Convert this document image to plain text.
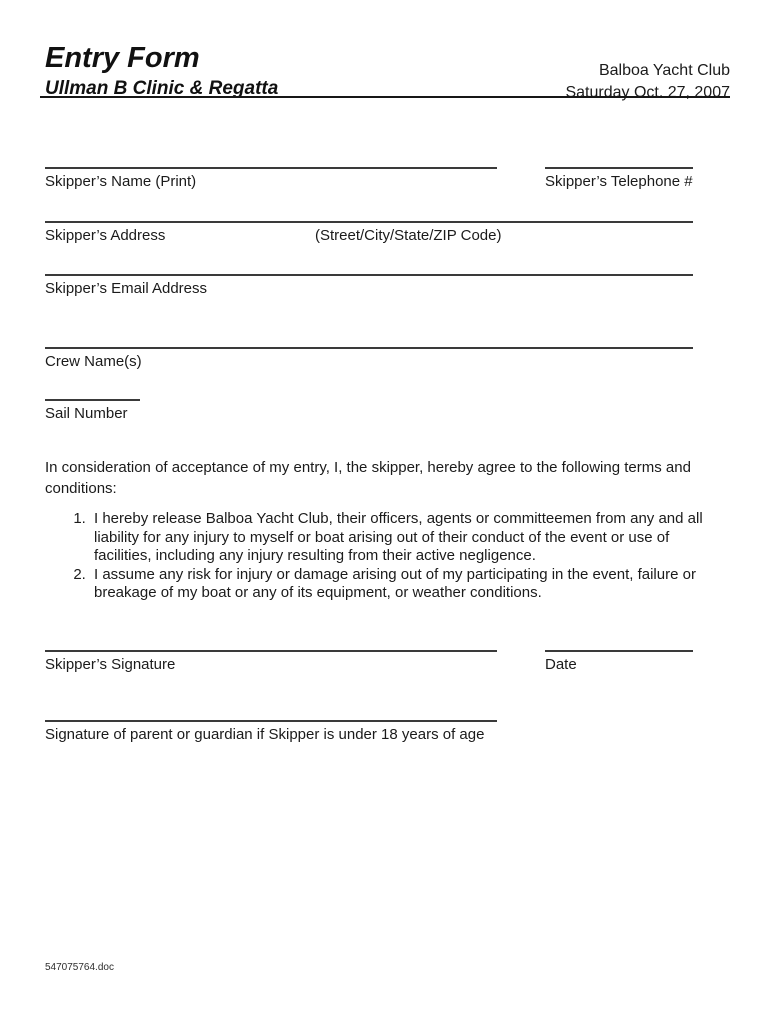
Entry Form
Ullman B Clinic & Regatta
Balboa Yacht Club
Saturday Oct. 27, 2007
Skipper’s Name (Print)	Skipper’s Telephone #
Skipper’s Address	(Street/City/State/ZIP Code)
Skipper’s Email Address
Crew Name(s)
Sail Number
In consideration of acceptance of my entry, I, the skipper, hereby agree to the following terms and conditions:
1. I hereby release Balboa Yacht Club, their officers, agents or committeemen from any and all liability for any injury to myself or boat arising out of their conduct of the event or use of facilities, including any injury resulting from their active negligence.
2. I assume any risk for injury or damage arising out of my participating in the event, failure or breakage of my boat or any of its equipment, or weather conditions.
Skipper’s Signature	Date
Signature of parent or guardian if Skipper is under 18 years of age
547075764.doc
